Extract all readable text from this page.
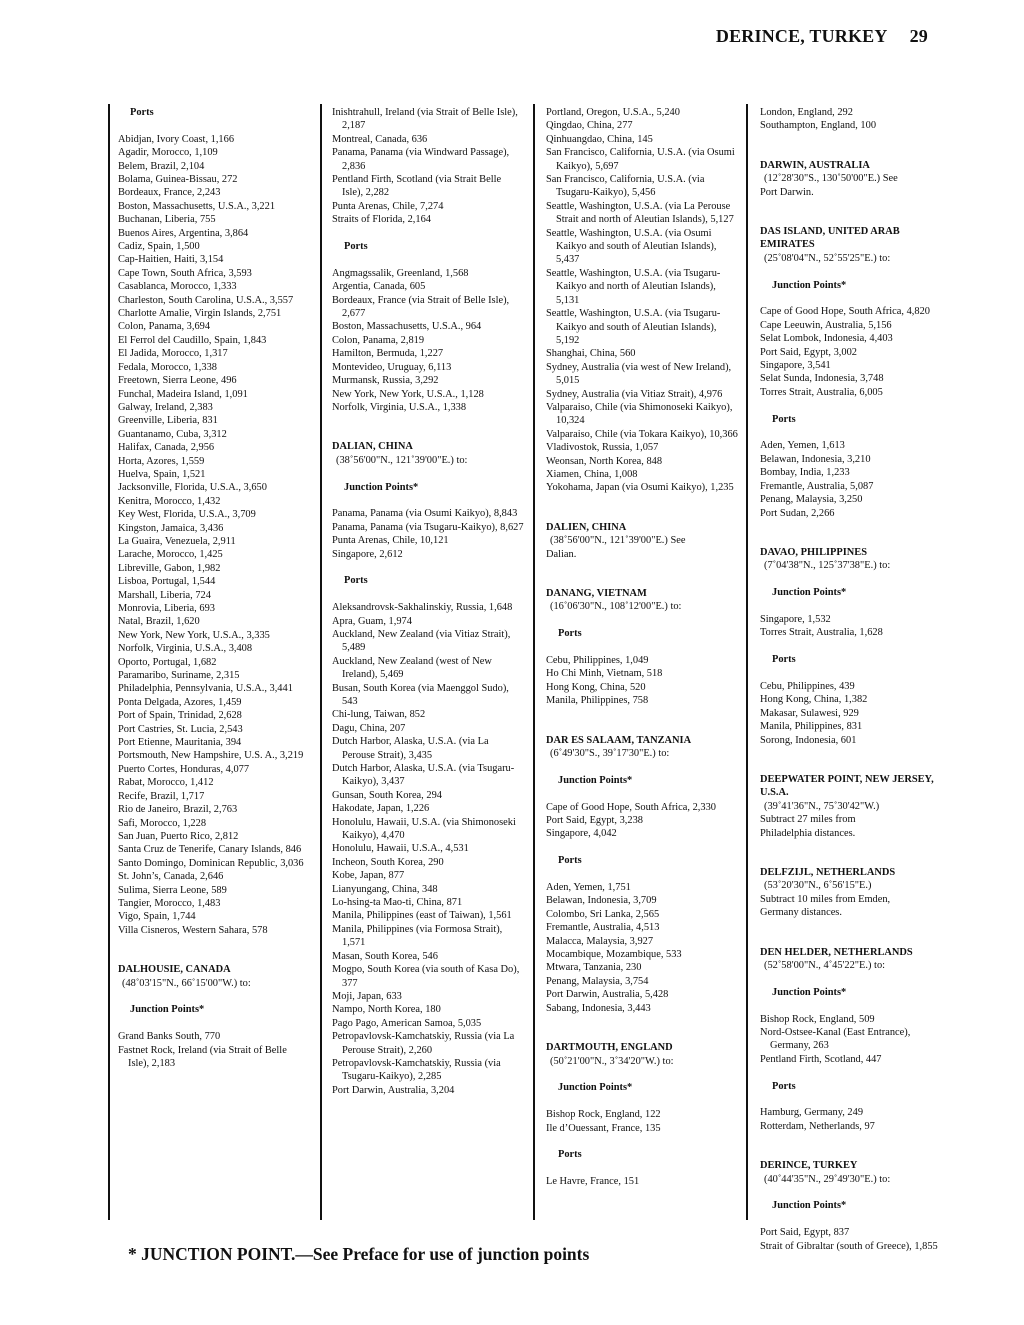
DERINCE, TURKEY 29
Ports
Abidjan, Ivory Coast, 1,166
Agadir, Morocco, 1,109
Belem, Brazil, 2,104
Bolama, Guinea-Bissau, 272
Bordeaux, France, 2,243
Boston, Massachusetts, U.S.A., 3,221
Buchanan, Liberia, 755
Buenos Aires, Argentina, 3,864
Cadiz, Spain, 1,500
Cap-Haitien, Haiti, 3,154
Cape Town, South Africa, 3,593
Casablanca, Morocco, 1,333
Charleston, South Carolina, U.S.A., 3,557
Charlotte Amalie, Virgin Islands, 2,751
Colon, Panama, 3,694
El Ferrol del Caudillo, Spain, 1,843
El Jadida, Morocco, 1,317
Fedala, Morocco, 1,338
Freetown, Sierra Leone, 496
Funchal, Madeira Island, 1,091
Galway, Ireland, 2,383
Greenville, Liberia, 831
Guantanamo, Cuba, 3,312
Halifax, Canada, 2,956
Horta, Azores, 1,559
Huelva, Spain, 1,521
Jacksonville, Florida, U.S.A., 3,650
Kenitra, Morocco, 1,432
Key West, Florida, U.S.A., 3,709
Kingston, Jamaica, 3,436
La Guaira, Venezuela, 2,911
Larache, Morocco, 1,425
Libreville, Gabon, 1,982
Lisboa, Portugal, 1,544
Marshall, Liberia, 724
Monrovia, Liberia, 693
Natal, Brazil, 1,620
New York, New York, U.S.A., 3,335
Norfolk, Virginia, U.S.A., 3,408
Oporto, Portugal, 1,682
Paramaribo, Suriname, 2,315
Philadelphia, Pennsylvania, U.S.A., 3,441
Ponta Delgada, Azores, 1,459
Port of Spain, Trinidad, 2,628
Port Castries, St. Lucia, 2,543
Port Etienne, Mauritania, 394
Portsmouth, New Hampshire, U.S. A., 3,219
Puerto Cortes, Honduras, 4,077
Rabat, Morocco, 1,412
Recife, Brazil, 1,717
Rio de Janeiro, Brazil, 2,763
Safi, Morocco, 1,228
San Juan, Puerto Rico, 2,812
Santa Cruz de Tenerife, Canary Islands, 846
Santo Domingo, Dominican Republic, 3,036
St. John’s, Canada, 2,646
Sulima, Sierra Leone, 589
Tangier, Morocco, 1,483
Vigo, Spain, 1,744
Villa Cisneros, Western Sahara, 578
DALHOUSIE, CANADA
(48˚03'15"N., 66˚15'00"W.) to:
Junction Points*
Grand Banks South, 770
Fastnet Rock, Ireland (via Strait of Belle Isle), 2,183
Inishtrahull, Ireland (via Strait of Belle Isle), 2,187
Montreal, Canada, 636
Panama, Panama (via Windward Passage), 2,836
Pentland Firth, Scotland (via Strait Belle Isle), 2,282
Punta Arenas, Chile, 7,274
Straits of Florida, 2,164
Ports
Angmagssalik, Greenland, 1,568
Argentia, Canada, 605
Bordeaux, France (via Strait of Belle Isle), 2,677
Boston, Massachusetts, U.S.A., 964
Colon, Panama, 2,819
Hamilton, Bermuda, 1,227
Montevideo, Uruguay, 6,113
Murmansk, Russia, 3,292
New York, New York, U.S.A., 1,128
Norfolk, Virginia, U.S.A., 1,338
DALIAN, CHINA
(38˚56'00"N., 121˚39'00"E.) to:
Junction Points*
Panama, Panama (via Osumi Kaikyo), 8,843
Panama, Panama (via Tsugaru-Kaikyo), 8,627
Punta Arenas, Chile, 10,121
Singapore, 2,612
Ports
Aleksandrovsk-Sakhalinskiy, Russia, 1,648
Apra, Guam, 1,974
Auckland, New Zealand (via Vitiaz Strait), 5,489
Auckland, New Zealand (west of New Ireland), 5,469
Busan, South Korea (via Maenggol Sudo), 543
Chi-lung, Taiwan, 852
Dagu, China, 207
Dutch Harbor, Alaska, U.S.A. (via La Perouse Strait), 3,435
Dutch Harbor, Alaska, U.S.A. (via Tsugaru-Kaikyo), 3,437
Gunsan, South Korea, 294
Hakodate, Japan, 1,226
Honolulu, Hawaii, U.S.A. (via Shimonoseki Kaikyo), 4,470
Honolulu, Hawaii, U.S.A., 4,531
Incheon, South Korea, 290
Kobe, Japan, 877
Lianyungang, China, 348
Lo-hsing-ta Mao-ti, China, 871
Manila, Philippines (east of Taiwan), 1,561
Manila, Philippines (via Formosa Strait), 1,571
Masan, South Korea, 546
Mogpo, South Korea (via south of Kasa Do), 377
Moji, Japan, 633
Nampo, North Korea, 180
Pago Pago, American Samoa, 5,035
Petropavlovsk-Kamchatskiy, Russia (via La Perouse Strait), 2,260
Petropavlovsk-Kamchatskiy, Russia (via Tsugaru-Kaikyo), 2,285
Port Darwin, Australia, 3,204
Portland, Oregon, U.S.A., 5,240
Qingdao, China, 277
Qinhuangdao, China, 145
San Francisco, California, U.S.A. (via Osumi Kaikyo), 5,697
San Francisco, California, U.S.A. (via Tsugaru-Kaikyo), 5,456
Seattle, Washington, U.S.A. (via La Perouse Strait and north of Aleutian Islands), 5,127
Seattle, Washington, U.S.A. (via Osumi Kaikyo and south of Aleutian Islands), 5,437
Seattle, Washington, U.S.A. (via Tsugaru-Kaikyo and north of Aleutian Islands), 5,131
Seattle, Washington, U.S.A. (via Tsugaru-Kaikyo and south of Aleutian Islands), 5,192
Shanghai, China, 560
Sydney, Australia (via west of New Ireland), 5,015
Sydney, Australia (via Vitiaz Strait), 4,976
Valparaiso, Chile (via Shimonoseki Kaikyo), 10,324
Valparaiso, Chile (via Tokara Kaikyo), 10,366
Vladivostok, Russia, 1,057
Weonsan, North Korea, 848
Xiamen, China, 1,008
Yokohama, Japan (via Osumi Kaikyo), 1,235
DALIEN, CHINA
(38˚56'00"N., 121˚39'00"E.) See
Dalian.
DANANG, VIETNAM
(16˚06'30"N., 108˚12'00"E.) to:
Ports
Cebu, Philippines, 1,049
Ho Chi Minh, Vietnam, 518
Hong Kong, China, 520
Manila, Philippines, 758
DAR ES SALAAM, TANZANIA
(6˚49'30"S., 39˚17'30"E.) to:
Junction Points*
Cape of Good Hope, South Africa, 2,330
Port Said, Egypt, 3,238
Singapore, 4,042
Ports
Aden, Yemen, 1,751
Belawan, Indonesia, 3,709
Colombo, Sri Lanka, 2,565
Fremantle, Australia, 4,513
Malacca, Malaysia, 3,927
Mocambique, Mozambique, 533
Mtwara, Tanzania, 230
Penang, Malaysia, 3,754
Port Darwin, Australia, 5,428
Sabang, Indonesia, 3,443
DARTMOUTH, ENGLAND
(50˚21'00"N., 3˚34'20"W.) to:
Junction Points*
Bishop Rock, England, 122
Ile d’Ouessant, France, 135
Ports
Le Havre, France, 151
London, England, 292
Southampton, England, 100
DARWIN, AUSTRALIA
(12˚28'30"S., 130˚50'00"E.) See
Port Darwin.
DAS ISLAND, UNITED ARAB EMIRATES
(25˚08'04"N., 52˚55'25"E.) to:
Junction Points*
Cape of Good Hope, South Africa, 4,820
Cape Leeuwin, Australia, 5,156
Selat Lombok, Indonesia, 4,403
Port Said, Egypt, 3,002
Singapore, 3,541
Selat Sunda, Indonesia, 3,748
Torres Strait, Australia, 6,005
Ports
Aden, Yemen, 1,613
Belawan, Indonesia, 3,210
Bombay, India, 1,233
Fremantle, Australia, 5,087
Penang, Malaysia, 3,250
Port Sudan, 2,266
DAVAO, PHILIPPINES
(7˚04'38"N., 125˚37'38"E.) to:
Junction Points*
Singapore, 1,532
Torres Strait, Australia, 1,628
Ports
Cebu, Philippines, 439
Hong Kong, China, 1,382
Makasar, Sulawesi, 929
Manila, Philippines, 831
Sorong, Indonesia, 601
DEEPWATER POINT, NEW JERSEY, U.S.A.
(39˚41'36"N., 75˚30'42"W.)
Subtract 27 miles from
Philadelphia distances.
DELFZIJL, NETHERLANDS
(53˚20'30"N., 6˚56'15"E.)
Subtract 10 miles from Emden,
Germany distances.
DEN HELDER, NETHERLANDS
(52˚58'00"N., 4˚45'22"E.) to:
Junction Points*
Bishop Rock, England, 509
Nord-Ostsee-Kanal (East Entrance), Germany, 263
Pentland Firth, Scotland, 447
Ports
Hamburg, Germany, 249
Rotterdam, Netherlands, 97
DERINCE, TURKEY
(40˚44'35"N., 29˚49'30"E.) to:
Junction Points*
Port Said, Egypt, 837
Strait of Gibraltar (south of Greece), 1,855
* JUNCTION POINT.—See Preface for use of junction points
